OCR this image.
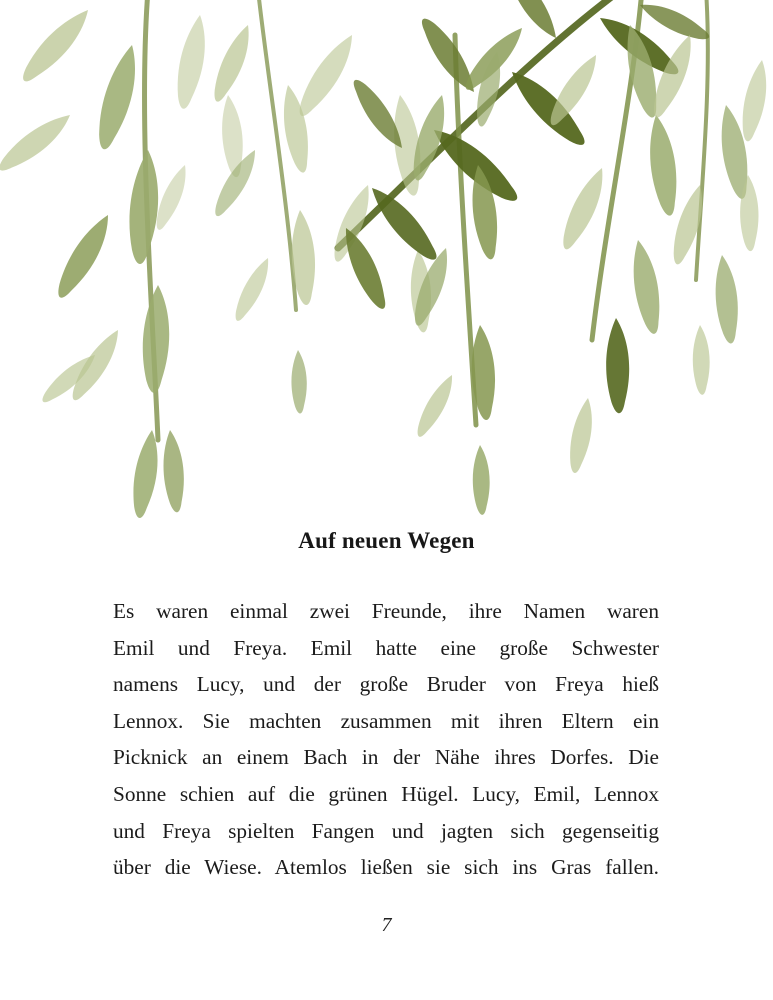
Auf neuen Wegen
Es waren einmal zwei Freunde, ihre Namen waren
Emil und Freya. Emil hatte eine große Schwester
namens Lucy, und der große Bruder von Freya hieß
Lennox. Sie machten zusammen mit ihren Eltern ein
Picknick an einem Bach in der Nähe ihres Dorfes. Die
Sonne schien auf die grünen Hügel. Lucy, Emil, Lennox
und Freya spielten Fangen und jagten sich gegenseitig
über die Wiese. Atemlos ließen sie sich ins Gras fallen.
7
